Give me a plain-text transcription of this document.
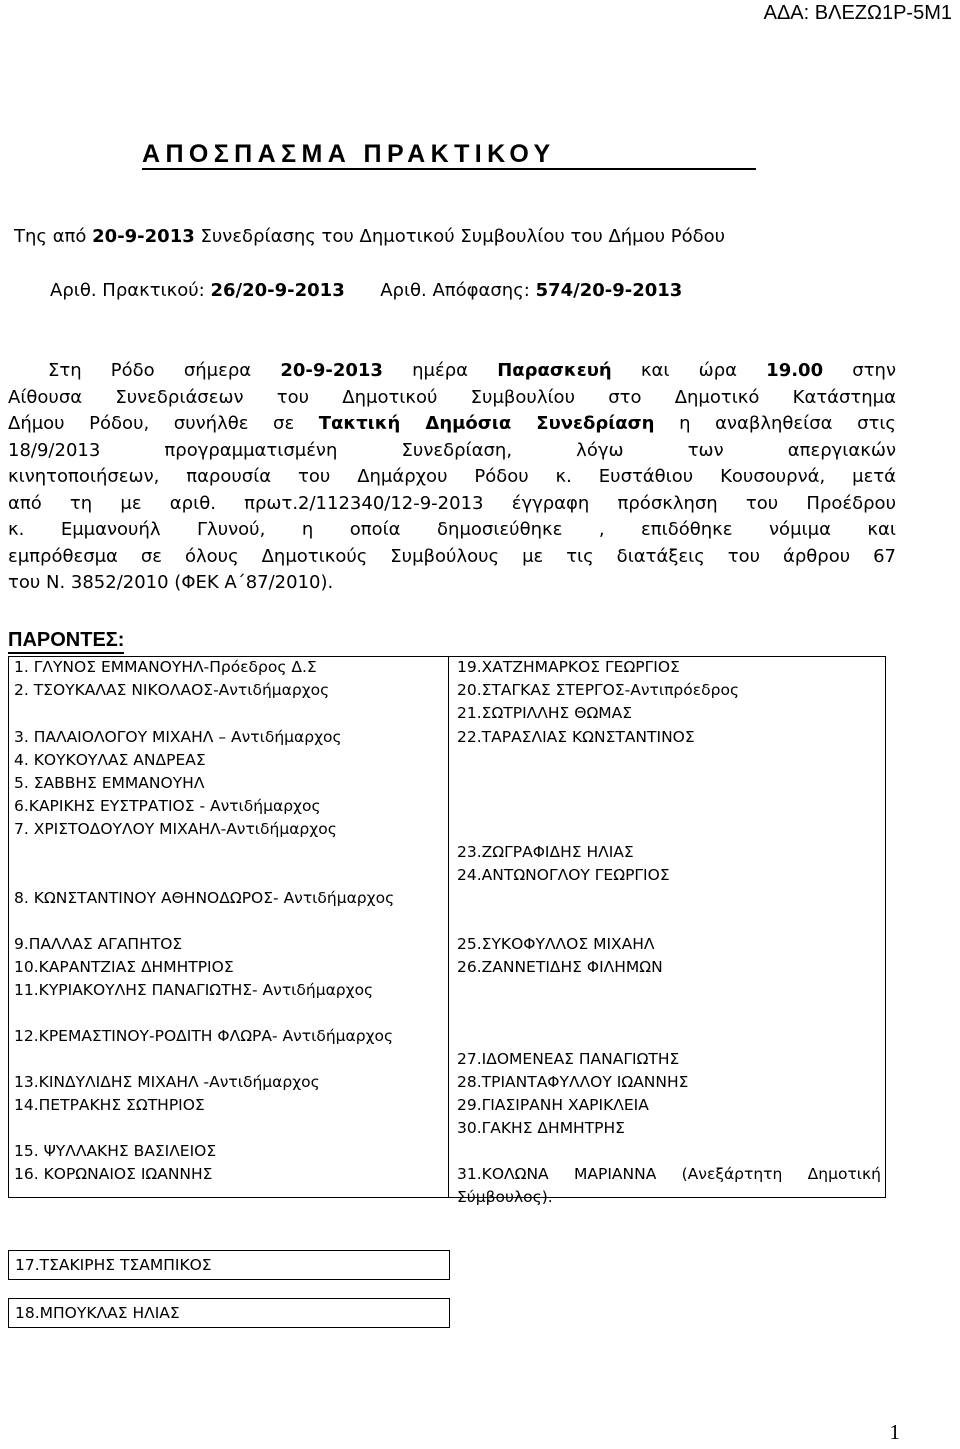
ΑΔΑ: ΒΛΕΖΩ1Ρ-5Μ1
ΑΠΟΣΠΑΣΜΑ ΠΡΑΚΤΙΚΟΥ
Της από 20-9-2013 Συνεδρίασης του Δημοτικού Συμβουλίου του Δήμου Ρόδου
Αριθ. Πρακτικού: 26/20-9-2013 Αριθ. Απόφασης: 574/20-9-2013
Στη Ρόδο σήμερα 20-9-2013 ημέρα Παρασκευή και ώρα 19.00 στην
Αίθουσα Συνεδριάσεων του Δημοτικού Συμβουλίου στο Δημοτικό Κατάστημα
Δήμου Ρόδου, συνήλθε σε Τακτική Δημόσια Συνεδρίαση η αναβληθείσα στις
18/9/2013 προγραμματισμένη Συνεδρίαση, λόγω των απεργιακών
κινητοποιήσεων, παρουσία του Δημάρχου Ρόδου κ. Ευστάθιου Κουσουρνά, μετά
από τη με αριθ. πρωτ.2/112340/12-9-2013 έγγραφη πρόσκληση του Προέδρου
κ. Εμμανουήλ Γλυνού, η οποία δημοσιεύθηκε , επιδόθηκε νόμιμα και
εμπρόθεσμα σε όλους Δημοτικούς Συμβούλους με τις διατάξεις του άρθρου 67
του Ν. 3852/2010 (ΦΕΚ Α΄87/2010).
ΠΑΡΟΝΤΕΣ:
1. ΓΛΥΝΟΣ ΕΜΜΑΝΟΥΗΛ-Πρόεδρος Δ.Σ
2. ΤΣΟΥΚΑΛΑΣ ΝΙΚΟΛΑΟΣ-Αντιδήμαρχος
3. ΠΑΛΑΙΟΛΟΓΟΥ ΜΙΧΑΗΛ – Αντιδήμαρχος
4. ΚΟΥΚΟΥΛΑΣ ΑΝΔΡΕΑΣ
5. ΣΑΒΒΗΣ ΕΜΜΑΝΟΥΗΛ
6.ΚΑΡΙΚΗΣ ΕΥΣΤΡΑΤΙΟΣ - Αντιδήμαρχος
7. ΧΡΙΣΤΟΔΟΥΛΟΥ ΜΙΧΑΗΛ-Αντιδήμαρχος
8. ΚΩΝΣΤΑΝΤΙΝΟΥ ΑΘΗΝΟΔΩΡΟΣ- Αντιδήμαρχος
9.ΠΑΛΛΑΣ ΑΓΑΠΗΤΟΣ
10.ΚΑΡΑΝΤΖΙΑΣ ΔΗΜΗΤΡΙΟΣ
11.ΚΥΡΙΑΚΟΥΛΗΣ ΠΑΝΑΓΙΩΤΗΣ- Αντιδήμαρχος
12.ΚΡΕΜΑΣΤΙΝΟΥ-ΡΟΔΙΤΗ ΦΛΩΡΑ- Αντιδήμαρχος
13.ΚΙΝΔΥΛΙΔΗΣ ΜΙΧΑΗΛ -Αντιδήμαρχος
14.ΠΕΤΡΑΚΗΣ ΣΩΤΗΡΙΟΣ
15. ΨΥΛΛΑΚΗΣ ΒΑΣΙΛΕΙΟΣ
16. ΚΟΡΩΝΑΙΟΣ ΙΩΑΝΝΗΣ
19.ΧΑΤΖΗΜΑΡΚΟΣ ΓΕΩΡΓΙΟΣ
20.ΣΤΑΓΚΑΣ ΣΤΕΡΓΟΣ-Αντιπρόεδρος
21.ΣΩΤΡΙΛΛΗΣ ΘΩΜΑΣ
22.ΤΑΡΑΣΛΙΑΣ ΚΩΝΣΤΑΝΤΙΝΟΣ
23.ΖΩΓΡΑΦΙΔΗΣ ΗΛΙΑΣ
24.ΑΝΤΩΝΟΓΛΟΥ ΓΕΩΡΓΙΟΣ
25.ΣΥΚΟΦΥΛΛΟΣ ΜΙΧΑΗΛ
26.ΖΑΝΝΕΤΙΔΗΣ ΦΙΛΗΜΩΝ
27.ΙΔΟΜΕΝΕΑΣ ΠΑΝΑΓΙΩΤΗΣ
28.ΤΡΙΑΝΤΑΦΥΛΛΟΥ ΙΩΑΝΝΗΣ
29.ΓΙΑΣΙΡΑΝΗ ΧΑΡΙΚΛΕΙΑ
30.ΓΑΚΗΣ ΔΗΜΗΤΡΗΣ
31.ΚΟΛΩΝΑ ΜΑΡΙΑΝΝΑ (Ανεξάρτητη Δημοτική Σύμβουλος).
17.ΤΣΑΚΙΡΗΣ ΤΣΑΜΠΙΚΟΣ
18.ΜΠΟΥΚΛΑΣ ΗΛΙΑΣ
1
